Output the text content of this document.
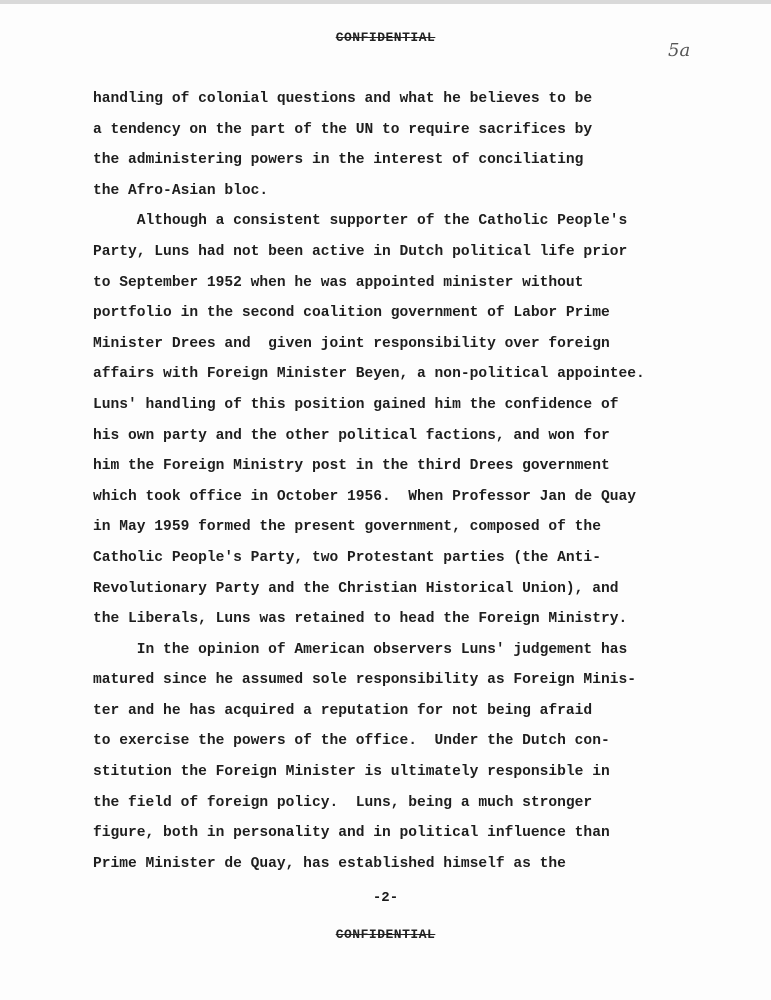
CONFIDENTIAL
5a
handling of colonial questions and what he believes to be
a tendency on the part of the UN to require sacrifices by
the administering powers in the interest of conciliating
the Afro-Asian bloc.
Although a consistent supporter of the Catholic People's
Party, Luns had not been active in Dutch political life prior
to September 1952 when he was appointed minister without
portfolio in the second coalition government of Labor Prime
Minister Drees and  given joint responsibility over foreign
affairs with Foreign Minister Beyen, a non-political appointee.
Luns' handling of this position gained him the confidence of
his own party and the other political factions, and won for
him the Foreign Ministry post in the third Drees government
which took office in October 1956.  When Professor Jan de Quay
in May 1959 formed the present government, composed of the
Catholic People's Party, two Protestant parties (the Anti-
Revolutionary Party and the Christian Historical Union), and
the Liberals, Luns was retained to head the Foreign Ministry.
In the opinion of American observers Luns' judgement has
matured since he assumed sole responsibility as Foreign Minis-
ter and he has acquired a reputation for not being afraid
to exercise the powers of the office.  Under the Dutch con-
stitution the Foreign Minister is ultimately responsible in
the field of foreign policy.  Luns, being a much stronger
figure, both in personality and in political influence than
Prime Minister de Quay, has established himself as the
-2-
CONFIDENTIAL
